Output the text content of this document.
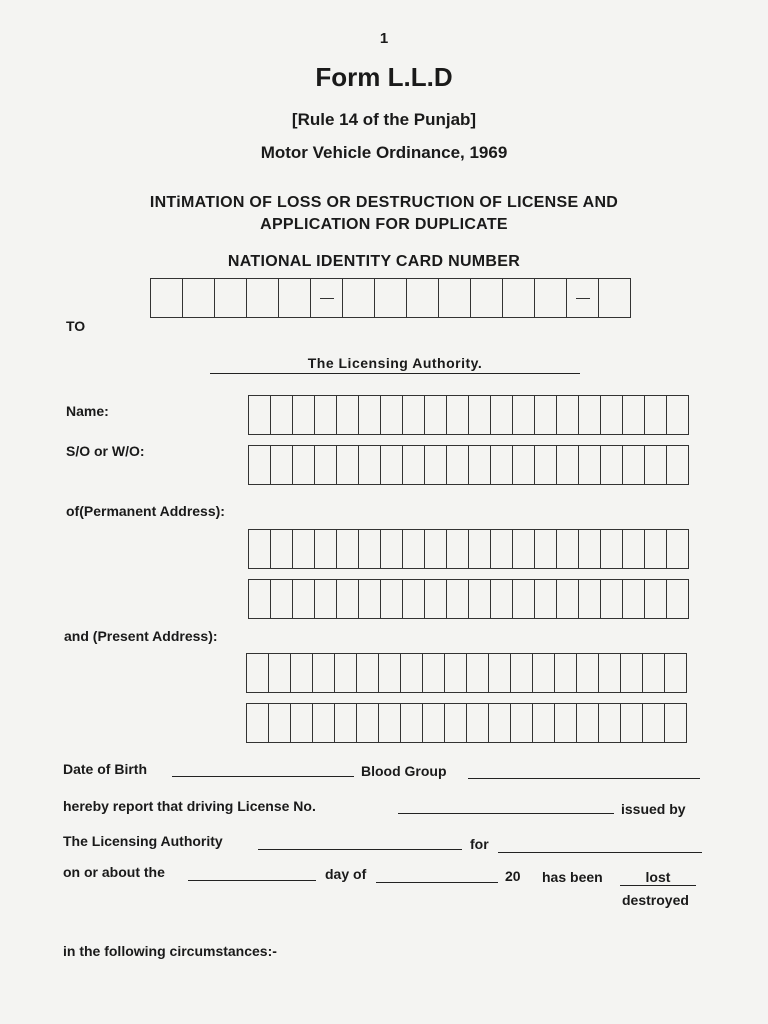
1
Form L.L.D
[Rule 14 of the Punjab]
Motor Vehicle Ordinance, 1969
INTiMATION OF LOSS OR DESTRUCTION OF LICENSE AND
APPLICATION FOR DUPLICATE
NATIONAL IDENTITY CARD NUMBER
TO
The Licensing Authority.
Name:
S/O or W/O:
of(Permanent Address):
and (Present Address):
Date of Birth	Blood Group
hereby report that driving License No.	issued by
The Licensing Authority	for
on or about the	day of	20 has been	lost
destroyed
in the following circumstances:-
